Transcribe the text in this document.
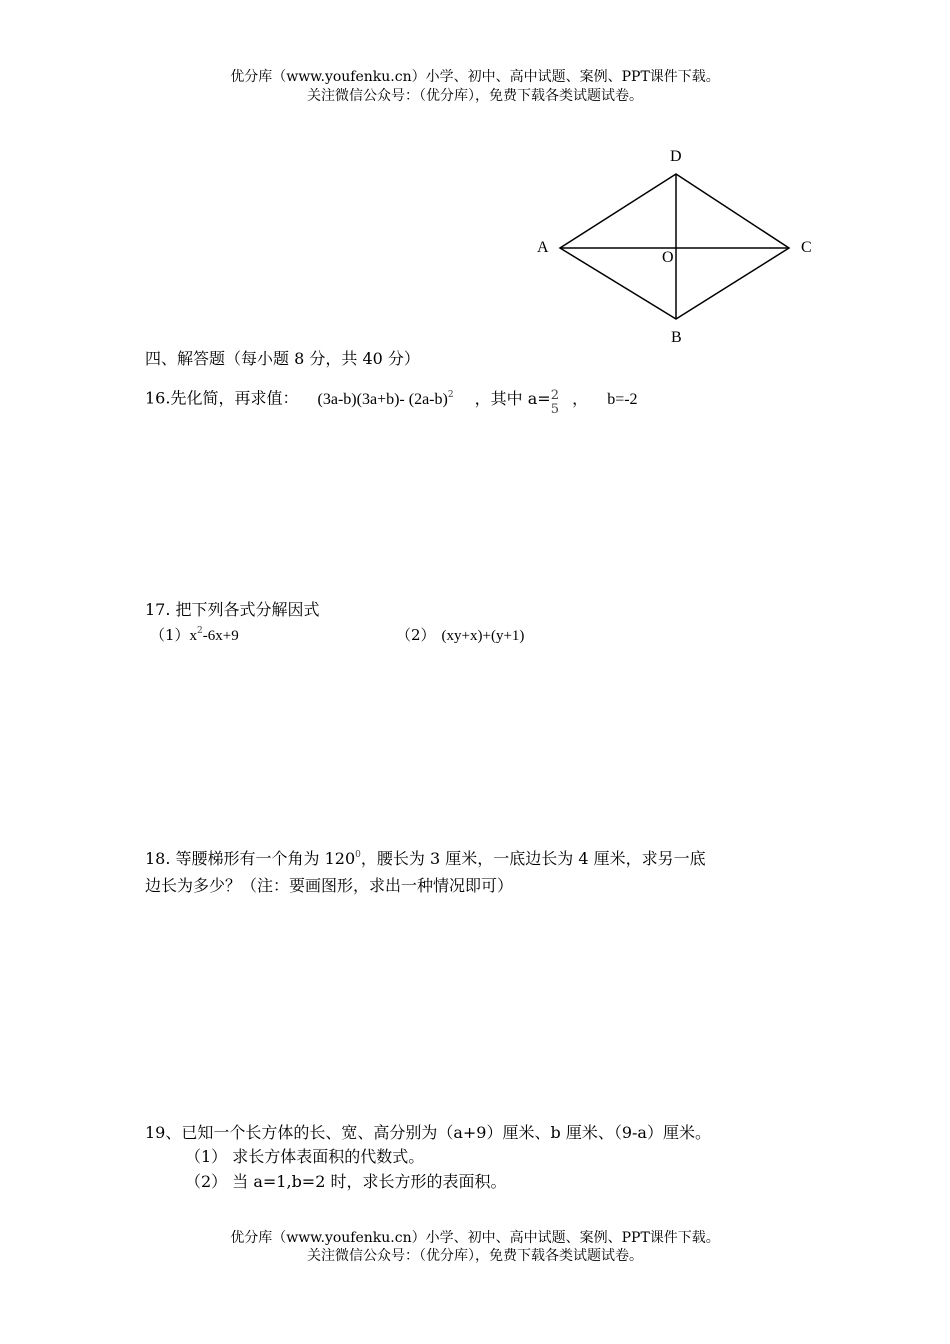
优分库（www.youfenku.cn）小学、初中、高中试题、案例、PPT课件下载。
关注微信公众号：（优分库），免费下载各类试题试卷。
D
A	C
O
B
四、解答题（每小题 8 分，共 40 分）
16.先化简，再求值： (3a-b)(3a+b)- $(2a-b)^2$ ，其中 a= 2
5
， b=-2
17. 把下列各式分解因式
$(1)x^2-6x+9$	（2） (xy+x)+(y+1)
18. 等腰梯形有一个角为 $120^0$，腰长为 3 厘米，一底边长为 4 厘米，求另一底
边长为多少？（注：要画图形，求出一种情况即可）
19、已知一个长方体的长、宽、高分别为（a+9）厘米、b 厘米、（9-a）厘米。
（1） 求长方体表面积的代数式。
（2） 当 a=1,b=2 时，求长方形的表面积。
优分库（www.youfenku.cn）小学、初中、高中试题、案例、PPT课件下载。
关注微信公众号：（优分库），免费下载各类试题试卷。
